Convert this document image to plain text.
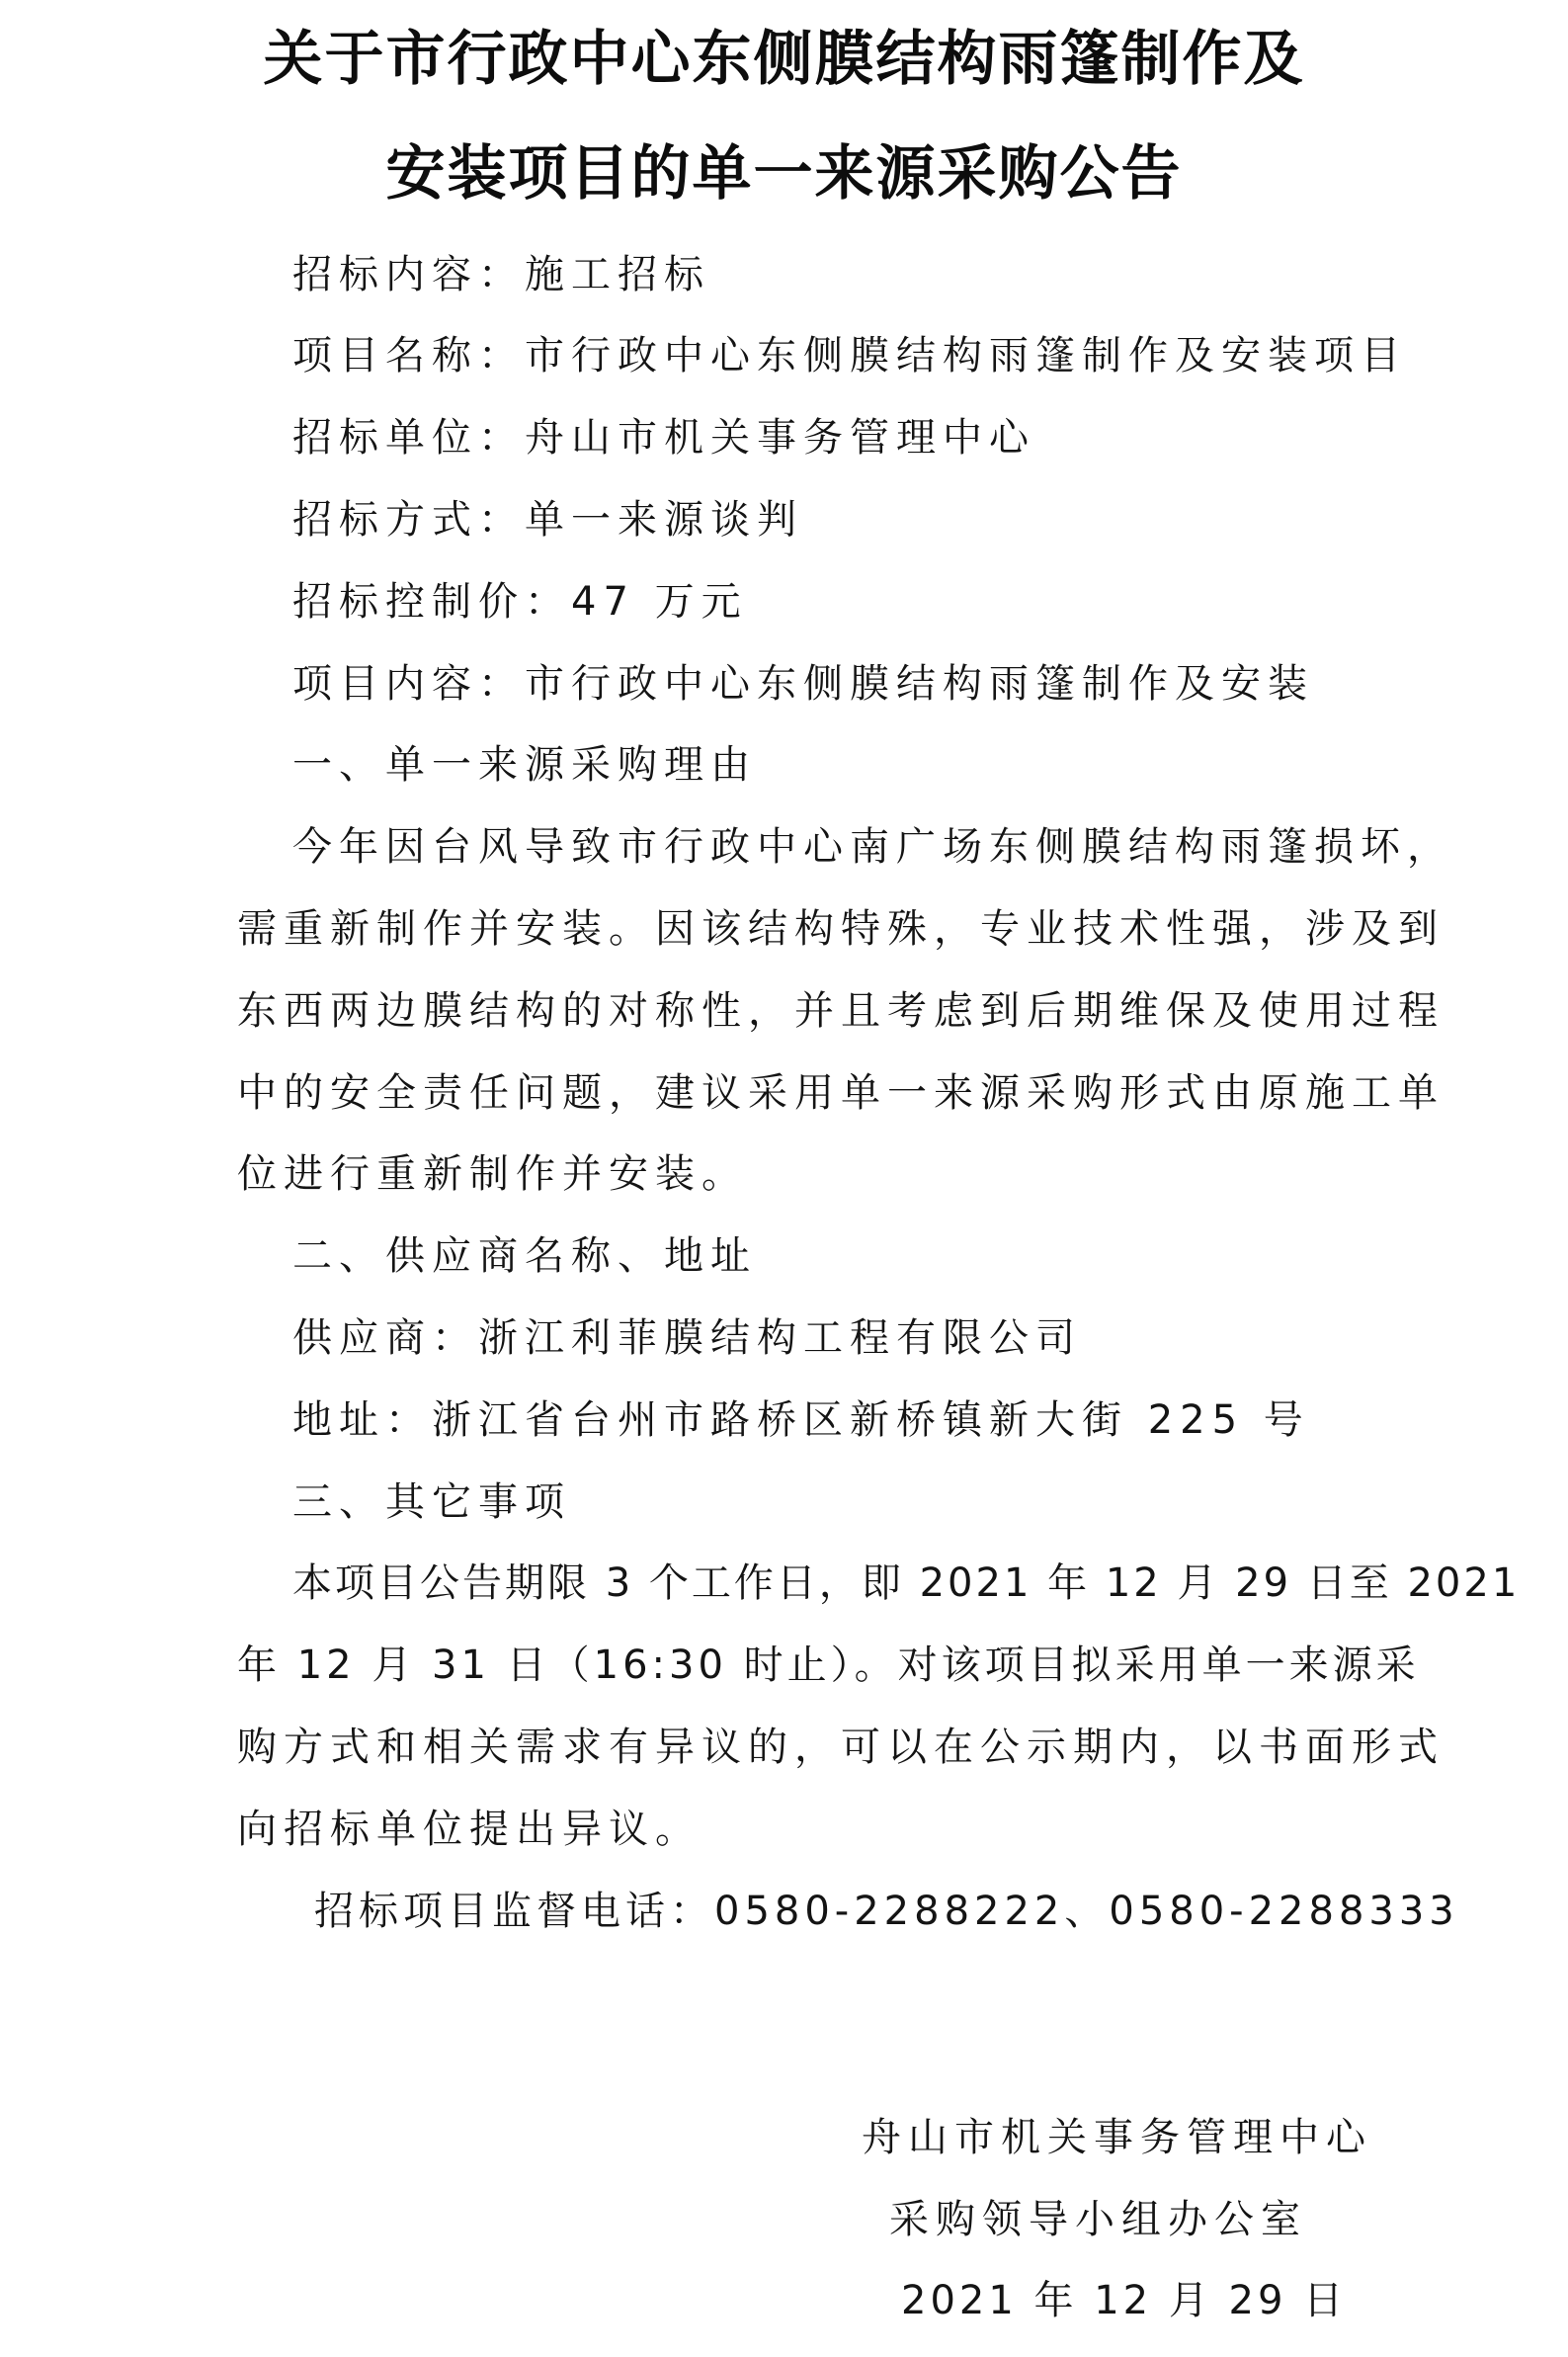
关于市行政中心东侧膜结构雨篷制作及
安装项目的单一来源采购公告
招标内容：施工招标
项目名称：市行政中心东侧膜结构雨篷制作及安装项目
招标单位：舟山市机关事务管理中心
招标方式：单一来源谈判
招标控制价：47 万元
项目内容：市行政中心东侧膜结构雨篷制作及安装
一、单一来源采购理由
今年因台风导致市行政中心南广场东侧膜结构雨篷损坏，
需重新制作并安装。因该结构特殊，专业技术性强，涉及到
东西两边膜结构的对称性，并且考虑到后期维保及使用过程
中的安全责任问题，建议采用单一来源采购形式由原施工单
位进行重新制作并安装。
二、供应商名称、地址
供应商：浙江利菲膜结构工程有限公司
地址：浙江省台州市路桥区新桥镇新大街 225 号
三、其它事项
本项目公告期限 3 个工作日，即 2021 年 12 月 29 日至 2021
年 12 月 31 日（16:30 时止）。对该项目拟采用单一来源采
购方式和相关需求有异议的，可以在公示期内，以书面形式
向招标单位提出异议。
招标项目监督电话：0580-2288222、0580-2288333
舟山市机关事务管理中心
采购领导小组办公室
2021 年 12 月 29 日
